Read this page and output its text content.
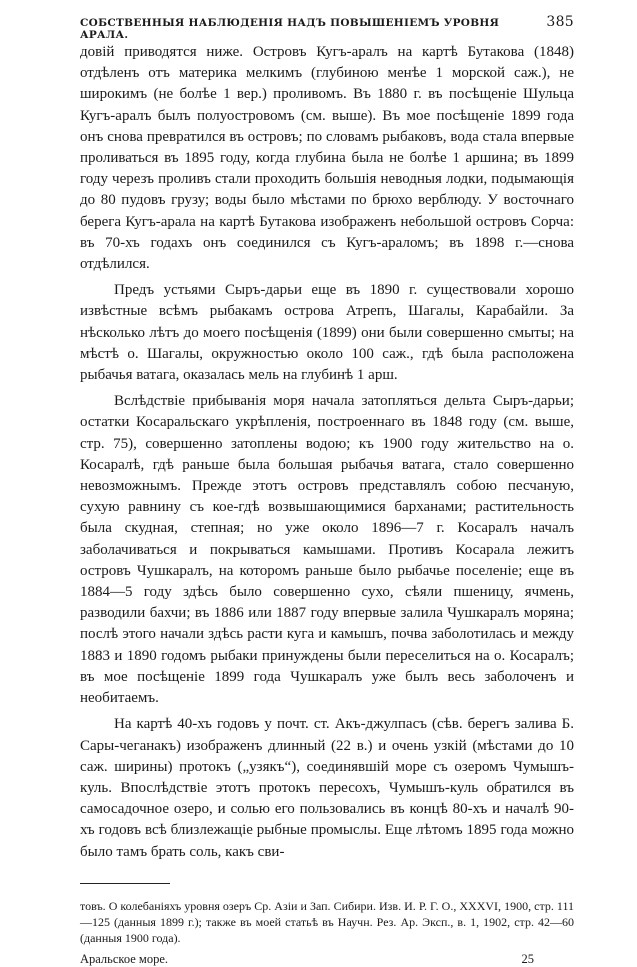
СОБСТВЕННЫЯ НАБЛЮДЕНІЯ НАДЪ ПОВЫШЕНІЕМЪ УРОВНЯ АРАЛА.
385

довій приводятся ниже. Островъ Кугъ-аралъ на картѣ Бутакова (1848) отдѣленъ отъ материка мелкимъ (глубиною менѣе 1 морской саж.), не широкимъ (не болѣе 1 вер.) проливомъ. Въ 1880 г. въ посѣщеніе Шульца Кугъ-аралъ былъ полуостровомъ (см. выше). Въ мое посѣщеніе 1899 года онъ снова превратился въ островъ; по словамъ рыбаковъ, вода стала впервые проливаться въ 1895 году, когда глубина была не болѣе 1 аршина; въ 1899 году черезъ проливъ стали проходить большія неводныя лодки, подымающія до 80 пудовъ грузу; воды было мѣстами по брюхо верблюду. У восточнаго берега Кугъ-арала на картѣ Бутакова изображенъ небольшой островъ Сорча: въ 70-хъ годахъ онъ соединился съ Кугъ-араломъ; въ 1898 г.—снова отдѣлился.

Предъ устьями Сыръ-дарьи еще въ 1890 г. существовали хорошо извѣстные всѣмъ рыбакамъ острова Атрепъ, Шагалы, Карабайли. За нѣсколько лѣтъ до моего посѣщенія (1899) они были совершенно смыты; на мѣстѣ о. Шагалы, окружностью около 100 саж., гдѣ была расположена рыбачья ватага, оказалась мель на глубинѣ 1 арш.

Вслѣдствіе прибыванія моря начала затопляться дельта Сыръ-дарьи; остатки Косаральскаго укрѣпленія, построеннаго въ 1848 году (см. выше, стр. 75), совершенно затоплены водою; къ 1900 году жительство на о. Косаралѣ, гдѣ раньше была большая рыбачья ватага, стало совершенно невозможнымъ. Прежде этотъ островъ представлялъ собою песчаную, сухую равнину съ кое-гдѣ возвышающимися барханами; растительность была скудная, степная; но уже около 1896—7 г. Косаралъ началъ заболачиваться и покрываться камышами. Противъ Косарала лежитъ островъ Чушкаралъ, на которомъ раньше было рыбачье поселеніе; еще въ 1884—5 году здѣсь было совершенно сухо, сѣяли пшеницу, ячмень, разводили бахчи; въ 1886 или 1887 году впервые залила Чушкаралъ моряна; послѣ этого начали здѣсь расти куга и камышъ, почва заболотилась и между 1883 и 1890 годомъ рыбаки принуждены были переселиться на о. Косаралъ; въ мое посѣщеніе 1899 года Чушкаралъ уже былъ весь заболоченъ и необитаемъ.

На картѣ 40-хъ годовъ у почт. ст. Акъ-джулпасъ (сѣв. берегъ залива Б. Сары-чеганакъ) изображенъ длинный (22 в.) и очень узкій (мѣстами до 10 саж. ширины) протокъ („узякъ“), соединявшій море съ озеромъ Чумышъ-куль. Впослѣдствіе этотъ протокъ пересохъ, Чумышъ-куль обратился въ самосадочное озеро, и солью его пользовались въ концѣ 80-хъ и началѣ 90-хъ годовъ всѣ близлежащіе рыбные промыслы. Еще лѣтомъ 1895 года можно было тамъ брать соль, какъ сви-

товъ. О колебаніяхъ уровня озеръ Ср. Азіи и Зап. Сибири. Изв. И. Р. Г. О., XXXVI, 1900, стр. 111—125 (данныя 1899 г.); также въ моей статьѣ въ Научн. Рез. Ар. Эксп., в. 1, 1902, стр. 42—60 (данныя 1900 года).
Аральское море.	25
